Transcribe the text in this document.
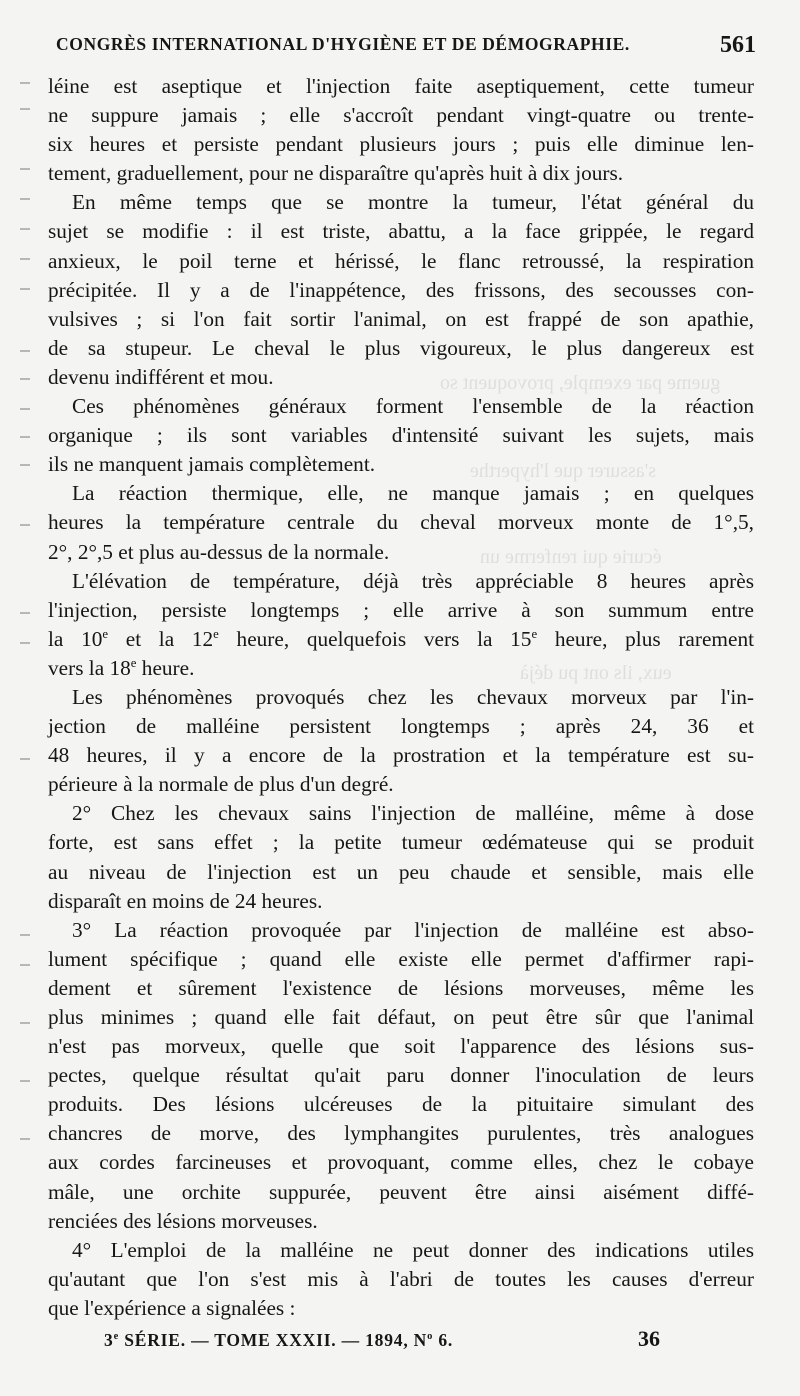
gueme par exemple, provoquent so
s'assurer que l'hyperthe
écurie qui renferme un
eux, ils ont pu déjà
CONGRÈS INTERNATIONAL D'HYGIÈNE ET DE DÉMOGRAPHIE.	561

léine est aseptique et l'injection faite aseptiquement, cette tumeur

ne suppure jamais ; elle s'accroît pendant vingt-quatre ou trente-

six heures et persiste pendant plusieurs jours ; puis elle diminue len-

tement, graduellement, pour ne disparaître qu'après huit à dix jours.

En même temps que se montre la tumeur, l'état général du

sujet se modifie : il est triste, abattu, a la face grippée, le regard

anxieux, le poil terne et hérissé, le flanc retroussé, la respiration

précipitée. Il y a de l'inappétence, des frissons, des secousses con-

vulsives ; si l'on fait sortir l'animal, on est frappé de son apathie,

de sa stupeur. Le cheval le plus vigoureux, le plus dangereux est

devenu indifférent et mou.

Ces phénomènes généraux forment l'ensemble de la réaction

organique ; ils sont variables d'intensité suivant les sujets, mais

ils ne manquent jamais complètement.

La réaction thermique, elle, ne manque jamais ; en quelques

heures la température centrale du cheval morveux monte de 1°,5,

2°, 2°,5 et plus au-dessus de la normale.

L'élévation de température, déjà très appréciable 8 heures après

l'injection, persiste longtemps ; elle arrive à son summum entre

la 10e et la 12e heure, quelquefois vers la 15e heure, plus rarement

vers la 18e heure.

Les phénomènes provoqués chez les chevaux morveux par l'in-

jection de malléine persistent longtemps ; après 24, 36 et

48 heures, il y a encore de la prostration et la température est su-

périeure à la normale de plus d'un degré.

2° Chez les chevaux sains l'injection de malléine, même à dose

forte, est sans effet ; la petite tumeur œdémateuse qui se produit

au niveau de l'injection est un peu chaude et sensible, mais elle

disparaît en moins de 24 heures.

3° La réaction provoquée par l'injection de malléine est abso-

lument spécifique ; quand elle existe elle permet d'affirmer rapi-

dement et sûrement l'existence de lésions morveuses, même les

plus minimes ; quand elle fait défaut, on peut être sûr que l'animal

n'est pas morveux, quelle que soit l'apparence des lésions sus-

pectes, quelque résultat qu'ait paru donner l'inoculation de leurs

produits. Des lésions ulcéreuses de la pituitaire simulant des

chancres de morve, des lymphangites purulentes, très analogues

aux cordes farcineuses et provoquant, comme elles, chez le cobaye

mâle, une orchite suppurée, peuvent être ainsi aisément diffé-

renciées des lésions morveuses.

4° L'emploi de la malléine ne peut donner des indications utiles

qu'autant que l'on s'est mis à l'abri de toutes les causes d'erreur

que l'expérience a signalées :

3e SÉRIE. — TOME XXXII. — 1894, $N^o$ 6.	36
